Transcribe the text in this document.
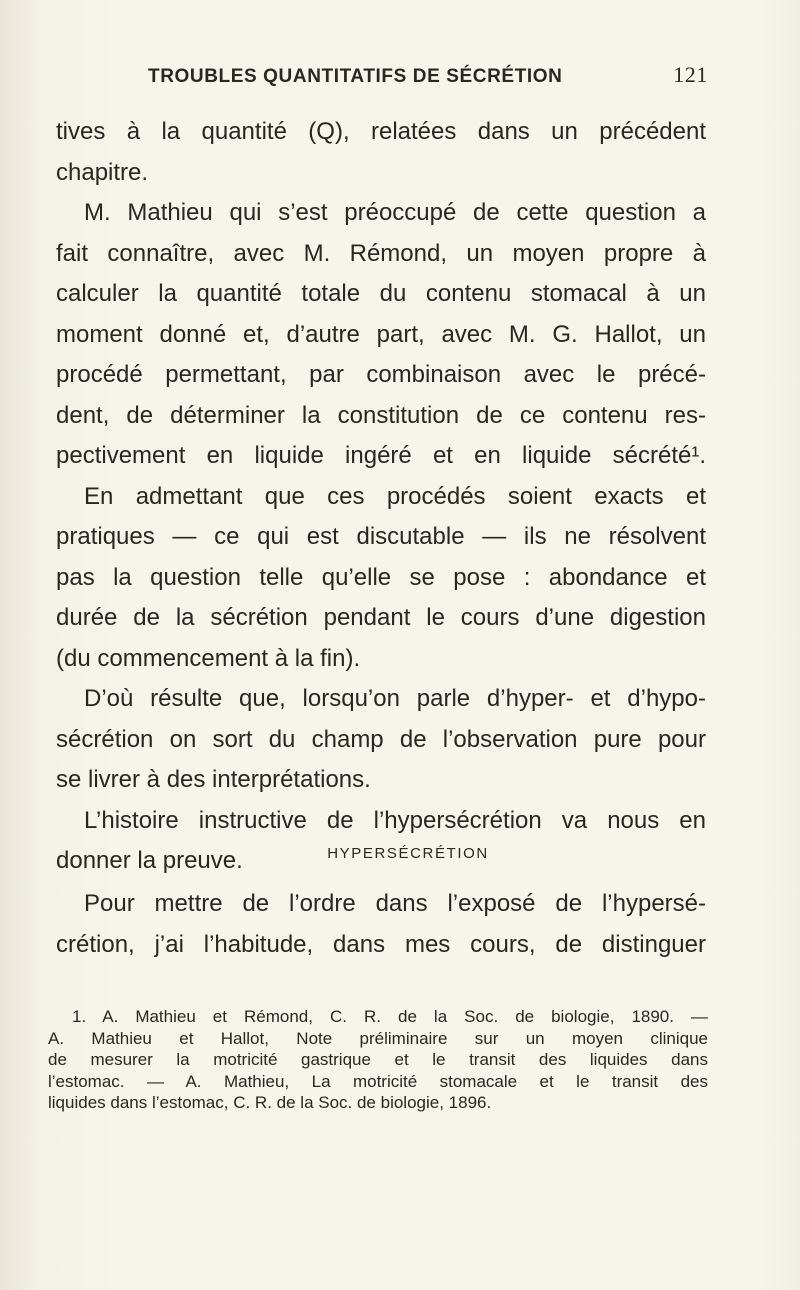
TROUBLES QUANTITATIFS DE SÉCRÉTION	121
tives à la quantité (Q), relatées dans un précédent
chapitre.
M. Mathieu qui s’est préoccupé de cette question a
fait connaître, avec M. Rémond, un moyen propre à
calculer la quantité totale du contenu stomacal à un
moment donné et, d’autre part, avec M. G. Hallot, un
procédé permettant, par combinaison avec le précé-
dent, de déterminer la constitution de ce contenu res-
pectivement en liquide ingéré et en liquide sécrété¹.
En admettant que ces procédés soient exacts et
pratiques — ce qui est discutable — ils ne résolvent
pas la question telle qu’elle se pose : abondance et
durée de la sécrétion pendant le cours d’une digestion
(du commencement à la fin).
D’où résulte que, lorsqu’on parle d’hyper- et d’hypo-
sécrétion on sort du champ de l’observation pure pour
se livrer à des interprétations.
L’histoire instructive de l’hypersécrétion va nous en
donner la preuve.	HYPERSÉCRÉTION
Pour mettre de l’ordre dans l’exposé de l’hypersé-
crétion, j’ai l’habitude, dans mes cours, de distinguer
1. A. Mathieu et Rémond, C. R. de la Soc. de biologie, 1890. —
A. Mathieu et Hallot, Note préliminaire sur un moyen clinique
de mesurer la motricité gastrique et le transit des liquides dans
l’estomac. — A. Mathieu, La motricité stomacale et le transit des
liquides dans l’estomac, C. R. de la Soc. de biologie, 1896.
